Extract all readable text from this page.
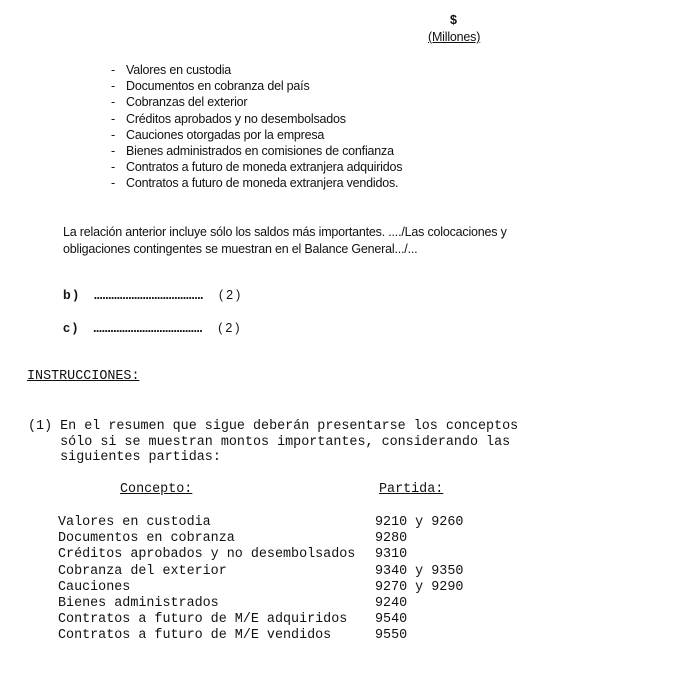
$
(Millones)
- Valores en custodia
- Documentos en cobranza del país
- Cobranzas del exterior
- Créditos aprobados y no desembolsados
- Cauciones otorgadas por la empresa
- Bienes administrados en comisiones de confianza
- Contratos a futuro de moneda extranjera adquiridos
- Contratos a futuro de moneda extranjera vendidos.
La relación anterior incluye sólo los saldos más importantes. ..../Las colocaciones y obligaciones contingentes se muestran en el Balance General.../...
b ) ...................................... ( 2 )
c ) ...................................... ( 2 )
INSTRUCCIONES:
(1) En el resumen que sigue deberán presentarse los conceptos
sólo si se muestran montos importantes, considerando las
siguientes partidas:
Concepto:	Partida:
Valores en custodia	9210 y 9260
Documentos en cobranza	9280
Créditos aprobados y no desembolsados	9310
Cobranza del exterior	9340 y 9350
Cauciones	9270 y 9290
Bienes administrados	9240
Contratos a futuro de M/E adquiridos	9540
Contratos a futuro de M/E vendidos	9550
